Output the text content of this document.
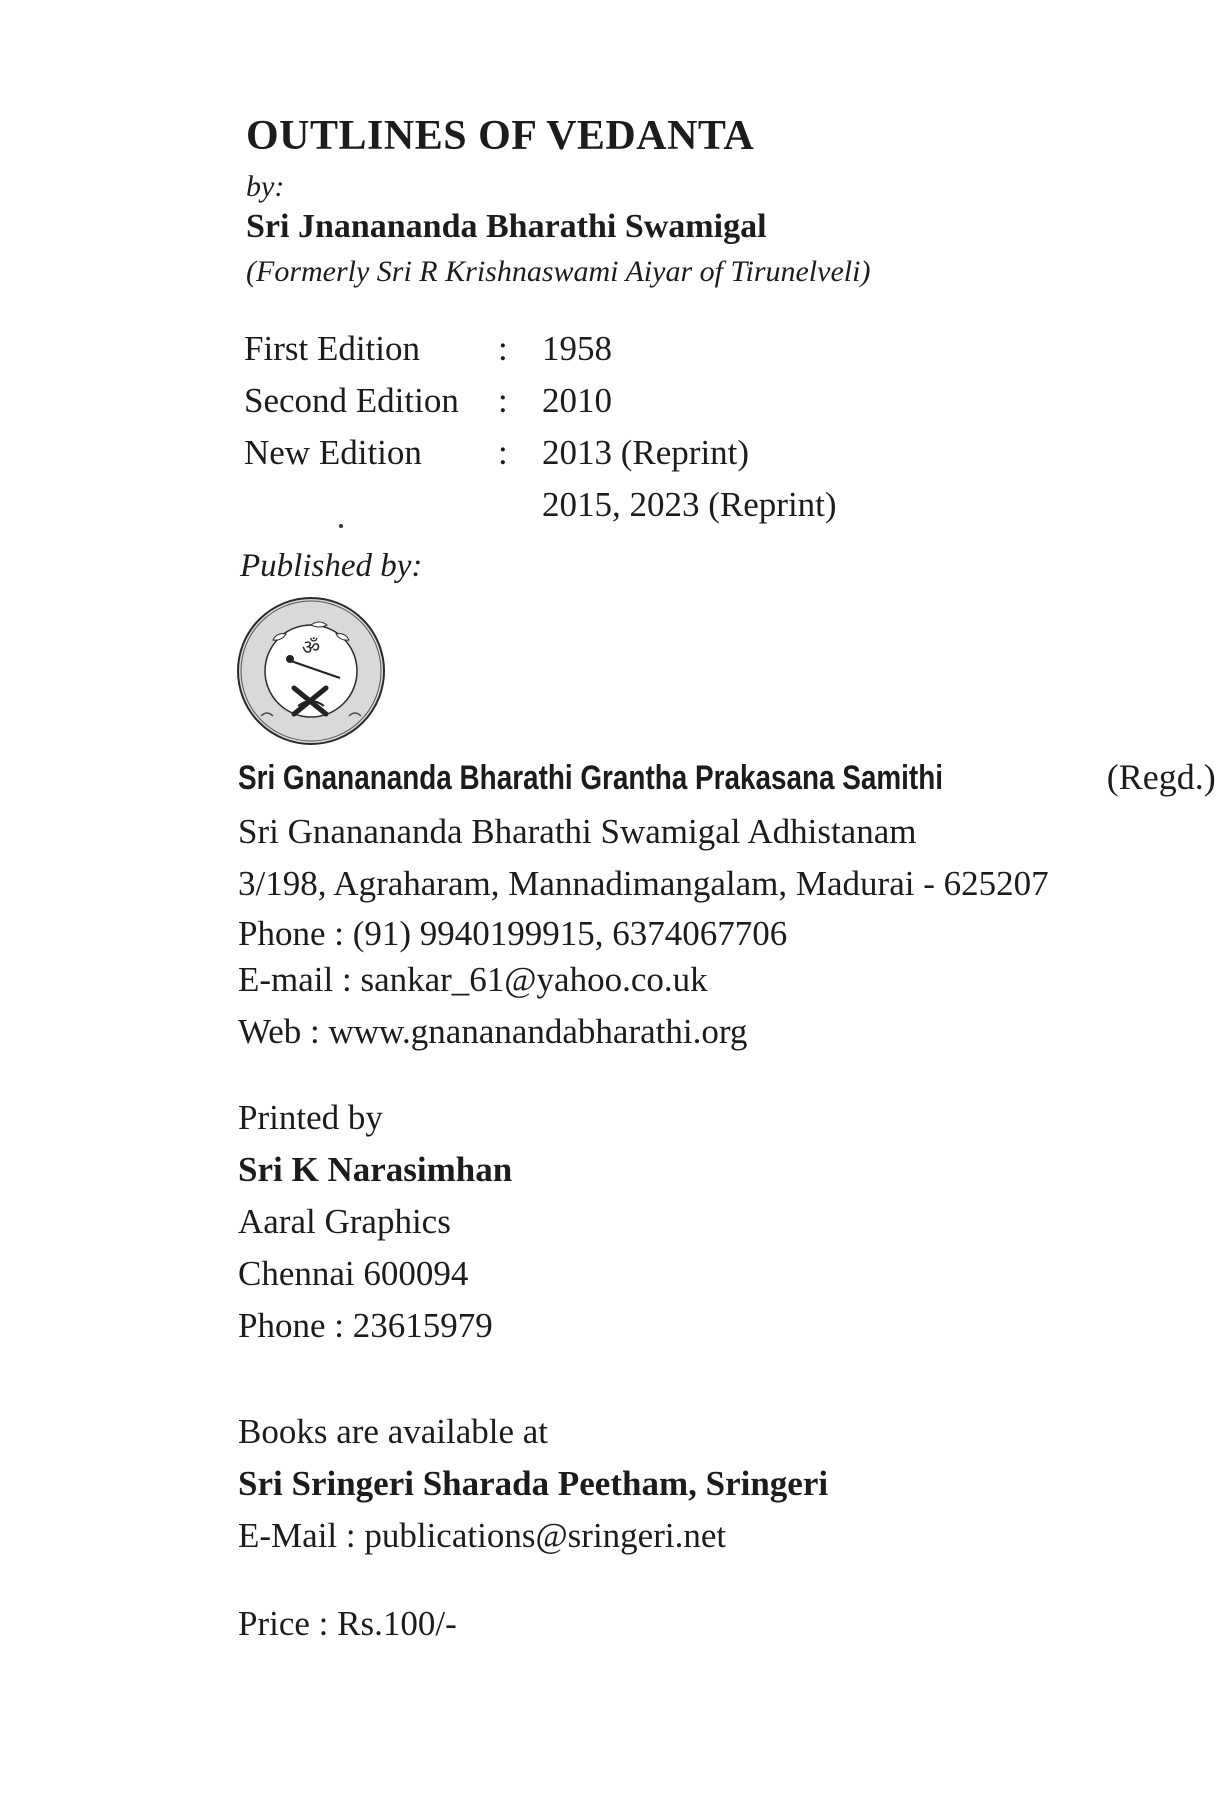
OUTLINES OF VEDANTA
by:
Sri Jnanananda Bharathi Swamigal
(Formerly Sri R Krishnaswami Aiyar of Tirunelveli)
First Edition : 1958
Second Edition : 2010
New Edition : 2013 (Reprint)
2015, 2023 (Reprint)
Published by:
ॐ
Sri Gnanananda Bharathi Grantha Prakasana Samithi	(Regd.)
Sri Gnanananda Bharathi Swamigal Adhistanam
3/198, Agraharam, Mannadimangalam, Madurai - 625207
Phone : (91) 9940199915, 6374067706
E-mail : sankar_61@yahoo.co.uk
Web : www.gnananandabharathi.org
Printed by
Sri K Narasimhan
Aaral Graphics
Chennai 600094
Phone : 23615979
Books are available at
Sri Sringeri Sharada Peetham, Sringeri
E-Mail : publications@sringeri.net
Price : Rs.100/-
